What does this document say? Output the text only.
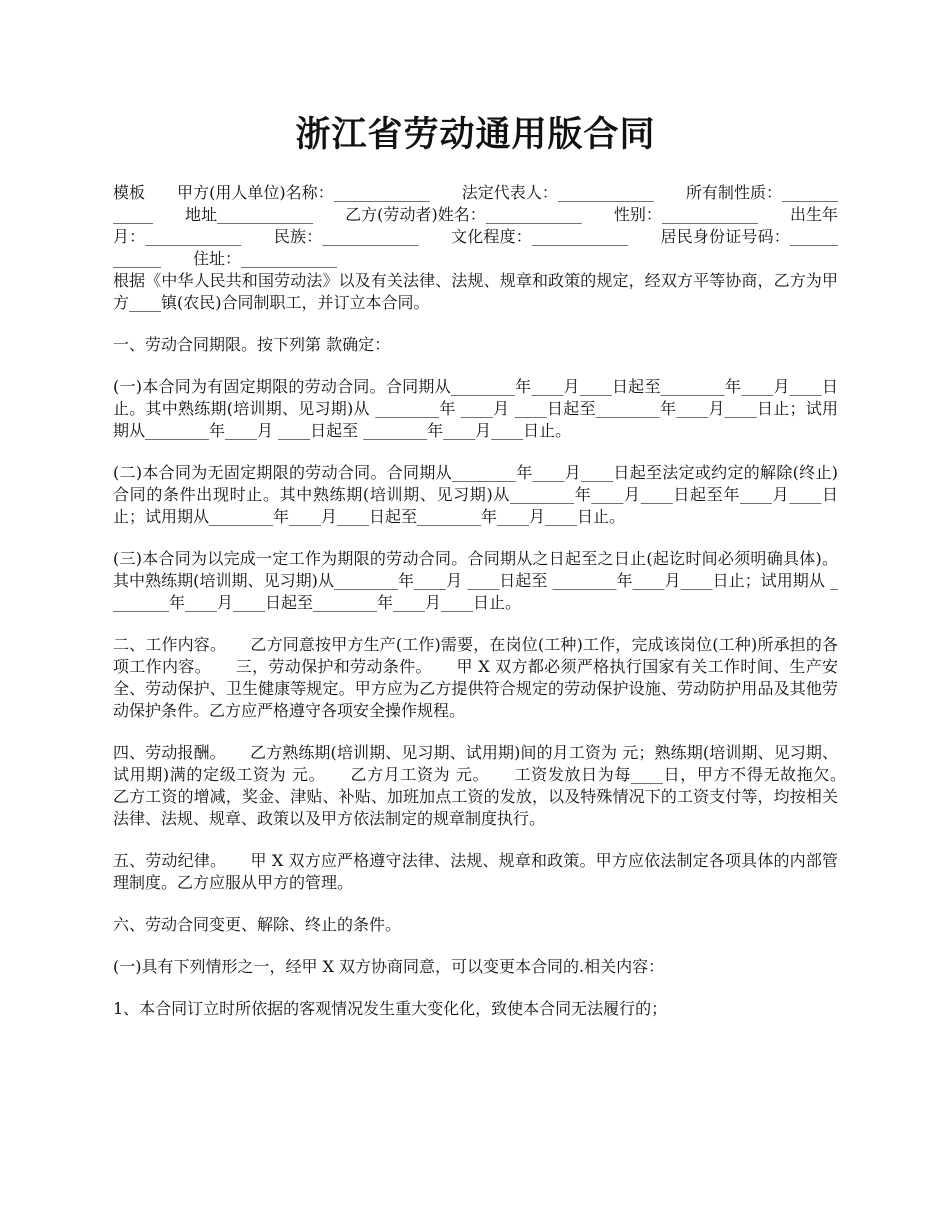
浙江省劳动通用版合同

模板　　甲方(用人单位)名称：____________　　法定代表人：____________　　所有制性质：____________　　地址____________　　乙方(劳动者)姓名：____________　　性别：____________　　出生年月：____________　　民族：____________　　文化程度：____________　　居民身份证号码：____________　　住址：____________

根据《中华人民共和国劳动法》以及有关法律、法规、规章和政策的规定，经双方平等协商，乙方为甲方____镇(农民)合同制职工，并订立本合同。

一、劳动合同期限。按下列第 款确定：

(一)本合同为有固定期限的劳动合同。合同期从________年____月____日起至________年____月____日止。其中熟练期(培训期、见习期)从 ________年 ____月 ____日起至________年____月____日止；试用期从________年____月 ____日起至 ________年____月____日止。

(二)本合同为无固定期限的劳动合同。合同期从________年____月____日起至法定或约定的解除(终止)合同的条件出现时止。其中熟练期(培训期、见习期)从________年____月____日起至年____月____日止；试用期从________年____月____日起至________年____月____日止。

(三)本合同为以完成一定工作为期限的劳动合同。合同期从之日起至之日止(起讫时间必须明确具体)。其中熟练期(培训期、见习期)从________年____月 ____日起至 ________年____月____日止；试用期从 ________年____月____日起至________年____月____日止。

二、工作内容。　　乙方同意按甲方生产(工作)需要，在岗位(工种)工作，完成该岗位(工种)所承担的各项工作内容。　　三，劳动保护和劳动条件。　　甲 X 双方都必须严格执行国家有关工作时间、生产安全、劳动保护、卫生健康等规定。甲方应为乙方提供符合规定的劳动保护设施、劳动防护用品及其他劳动保护条件。乙方应严格遵守各项安全操作规程。

四、劳动报酬。　　乙方熟练期(培训期、见习期、试用期)间的月工资为 元；熟练期(培训期、见习期、试用期)满的定级工资为 元。　　乙方月工资为 元。　　工资发放日为每____日，甲方不得无故拖欠。　　乙方工资的增减，奖金、津贴、补贴、加班加点工资的发放，以及特殊情况下的工资支付等，均按相关法律、法规、规章、政策以及甲方依法制定的规章制度执行。

五、劳动纪律。　　甲 X 双方应严格遵守法律、法规、规章和政策。甲方应依法制定各项具体的内部管理制度。乙方应服从甲方的管理。

六、劳动合同变更、解除、终止的条件。

(一)具有下列情形之一，经甲 X 双方协商同意，可以变更本合同的.相关内容：

1、本合同订立时所依据的客观情况发生重大变化化，致使本合同无法履行的；
